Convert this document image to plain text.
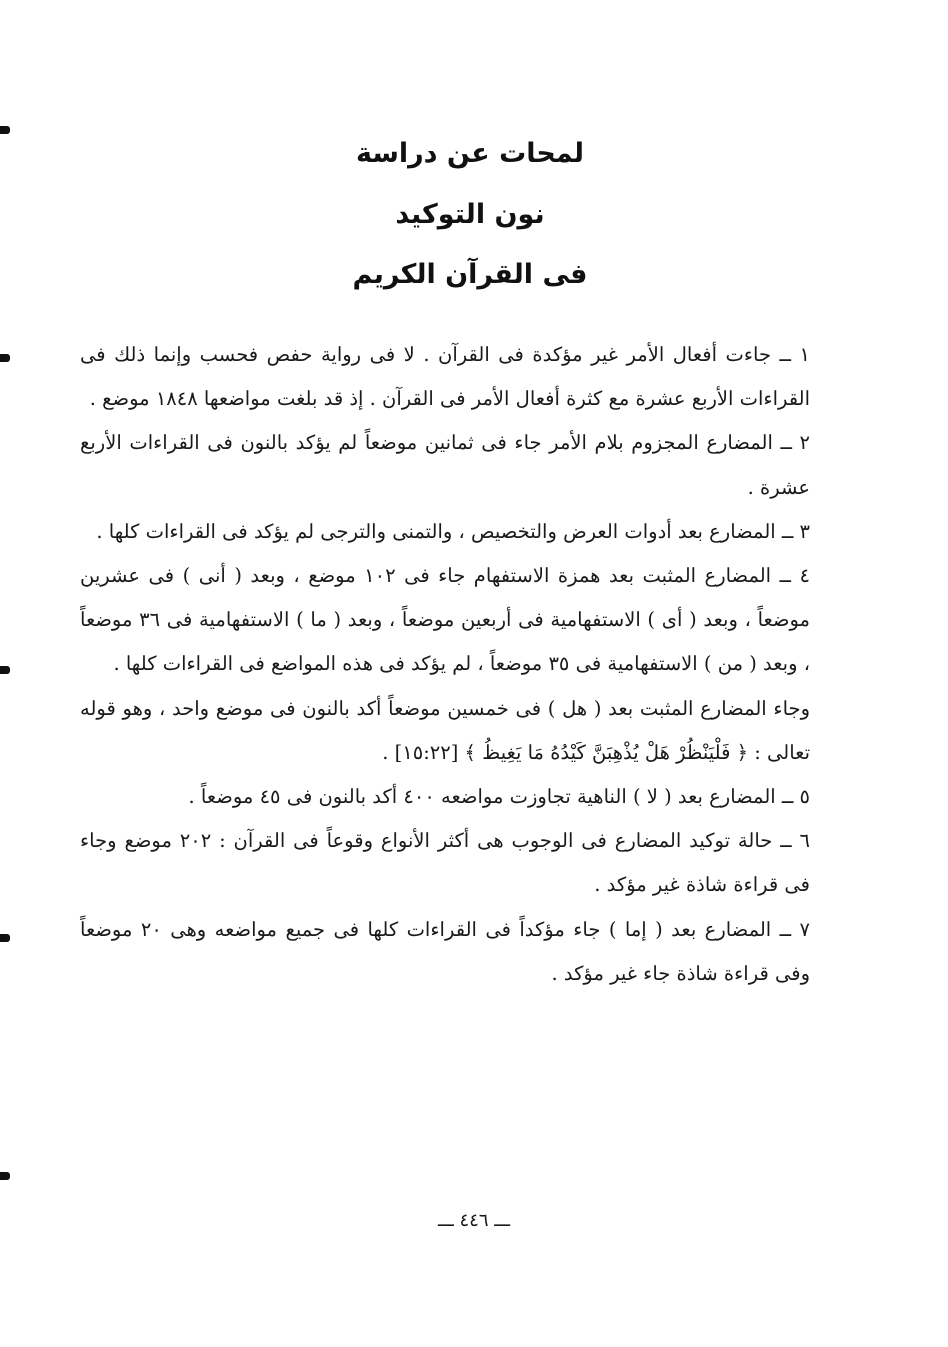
لمحات عن دراسة
نون التوكيد
فى القرآن الكريم

١ ــ جاءت أفعال الأمر غير مؤكدة فى القرآن . لا فى رواية حفص فحسب وإنما ذلك فى القراءات الأربع عشرة مع كثرة أفعال الأمر فى القرآن . إذ قد بلغت مواضعها ١٨٤٨ موضع .

٢ ــ المضارع المجزوم بلام الأمر جاء فى ثمانين موضعاً لم يؤكد بالنون فى القراءات الأربع عشرة .

٣ ــ المضارع بعد أدوات العرض والتخصيص ، والتمنى والترجى لم يؤكد فى القراءات كلها .

٤ ــ المضارع المثبت بعد همزة الاستفهام جاء فى ١٠٢ موضع ، وبعد ( أنى ) فى عشرين موضعاً ، وبعد ( أى ) الاستفهامية فى أربعين موضعاً ، وبعد ( ما ) الاستفهامية فى ٣٦ موضعاً ، وبعد ( من ) الاستفهامية فى ٣٥ موضعاً ، لم يؤكد فى هذه المواضع فى القراءات كلها .

وجاء المضارع المثبت بعد ( هل ) فى خمسين موضعاً أكد بالنون فى موضع واحد ، وهو قوله تعالى : ﴿ فَلْيَنْظُرْ هَلْ يُذْهِبَنَّ كَيْدُهُ مَا يَغِيظُ ﴾ [١٥:٢٢] .

٥ ــ المضارع بعد ( لا ) الناهية تجاوزت مواضعه ٤٠٠ أكد بالنون فى ٤٥ موضعاً .

٦ ــ حالة توكيد المضارع فى الوجوب هى أكثر الأنواع وقوعاً فى القرآن : ٢٠٢ موضع وجاء فى قراءة شاذة غير مؤكد .

٧ ــ المضارع بعد ( إما ) جاء مؤكداً فى القراءات كلها فى جميع مواضعه وهى ٢٠ موضعاً وفى قراءة شاذة جاء غير مؤكد .

ـــ ٤٤٦ ـــ
